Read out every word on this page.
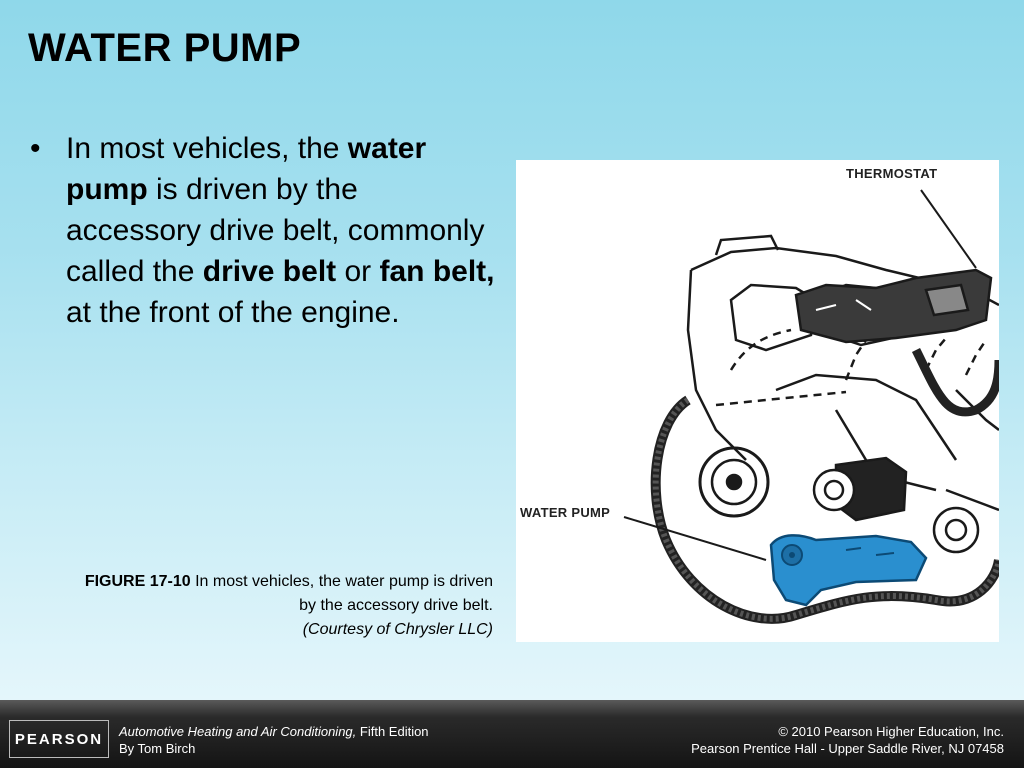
WATER PUMP
• In most vehicles, the water pump is driven by the accessory drive belt, commonly called the drive belt or fan belt, at the front of the engine.
FIGURE 17-10 In most vehicles, the water pump is driven by the accessory drive belt.
(Courtesy of Chrysler LLC)
THERMOSTAT
WATER PUMP
PEARSON	Automotive Heating and Air Conditioning, Fifth Edition
By Tom Birch
© 2010 Pearson Higher Education, Inc.
Pearson Prentice Hall - Upper Saddle River, NJ 07458
